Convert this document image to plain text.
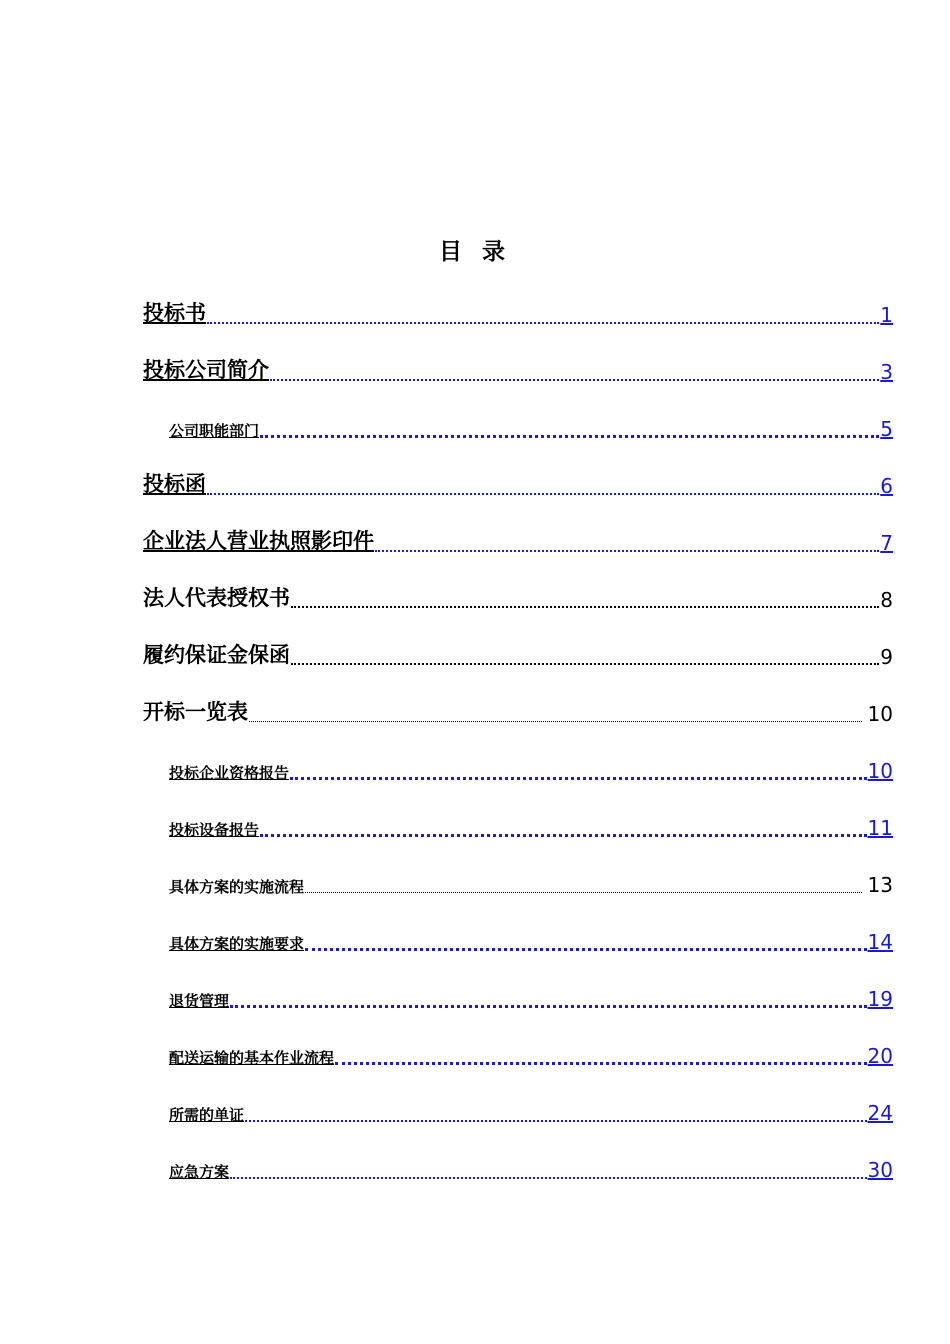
目 录
投标书	1
投标公司简介	3
公司职能部门	5
投标函	6
企业法人营业执照影印件	7
法人代表授权书	8
履约保证金保函	9
开标一览表	10
投标企业资格报告	10
投标设备报告	11
具体方案的实施流程	13
具体方案的实施要求	14
退货管理	19
配送运输的基本作业流程	20
所需的单证	24
应急方案	30
